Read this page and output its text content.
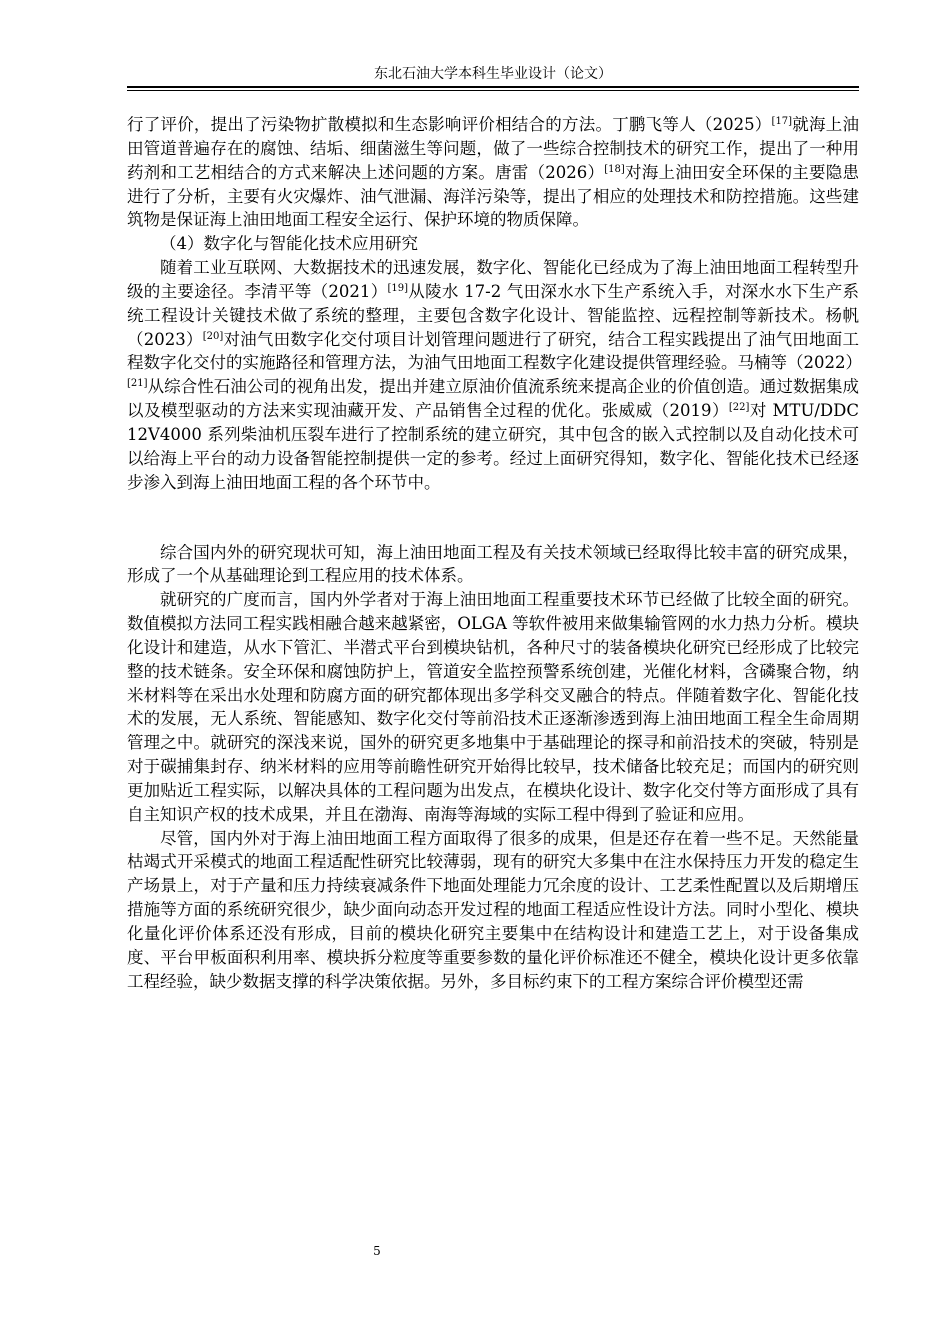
东北石油大学本科生毕业设计（论文）

行了评价，提出了污染物扩散模拟和生态影响评价相结合的方法。丁鹏飞等人（2025）[17]就海上油田管道普遍存在的腐蚀、结垢、细菌滋生等问题，做了一些综合控制技术的研究工作，提出了一种用药剂和工艺相结合的方式来解决上述问题的方案。唐雷（2026）[18]对海上油田安全环保的主要隐患进行了分析，主要有火灾爆炸、油气泄漏、海洋污染等，提出了相应的处理技术和防控措施。这些建筑物是保证海上油田地面工程安全运行、保护环境的物质保障。

（4）数字化与智能化技术应用研究

随着工业互联网、大数据技术的迅速发展，数字化、智能化已经成为了海上油田地面工程转型升级的主要途径。李清平等（2021）[19]从陵水 17-2 气田深水水下生产系统入手，对深水水下生产系统工程设计关键技术做了系统的整理，主要包含数字化设计、智能监控、远程控制等新技术。杨帆（2023）[20]对油气田数字化交付项目计划管理问题进行了研究，结合工程实践提出了油气田地面工程数字化交付的实施路径和管理方法，为油气田地面工程数字化建设提供管理经验。马楠等（2022）[21]从综合性石油公司的视角出发，提出并建立原油价值流系统来提高企业的价值创造。通过数据集成以及模型驱动的方法来实现油藏开发、产品销售全过程的优化。张威威（2019）[22]对 MTU/DDC 12V4000 系列柴油机压裂车进行了控制系统的建立研究，其中包含的嵌入式控制以及自动化技术可以给海上平台的动力设备智能控制提供一定的参考。经过上面研究得知，数字化、智能化技术已经逐步渗入到海上油田地面工程的各个环节中。

综合国内外的研究现状可知，海上油田地面工程及有关技术领域已经取得比较丰富的研究成果，形成了一个从基础理论到工程应用的技术体系。

就研究的广度而言，国内外学者对于海上油田地面工程重要技术环节已经做了比较全面的研究。数值模拟方法同工程实践相融合越来越紧密，OLGA 等软件被用来做集输管网的水力热力分析。模块化设计和建造，从水下管汇、半潜式平台到模块钻机，各种尺寸的装备模块化研究已经形成了比较完整的技术链条。安全环保和腐蚀防护上，管道安全监控预警系统创建，光催化材料，含磷聚合物，纳米材料等在采出水处理和防腐方面的研究都体现出多学科交叉融合的特点。伴随着数字化、智能化技术的发展，无人系统、智能感知、数字化交付等前沿技术正逐渐渗透到海上油田地面工程全生命周期管理之中。就研究的深浅来说，国外的研究更多地集中于基础理论的探寻和前沿技术的突破，特别是对于碳捕集封存、纳米材料的应用等前瞻性研究开始得比较早，技术储备比较充足；而国内的研究则更加贴近工程实际，以解决具体的工程问题为出发点，在模块化设计、数字化交付等方面形成了具有自主知识产权的技术成果，并且在渤海、南海等海域的实际工程中得到了验证和应用。

尽管，国内外对于海上油田地面工程方面取得了很多的成果，但是还存在着一些不足。天然能量枯竭式开采模式的地面工程适配性研究比较薄弱，现有的研究大多集中在注水保持压力开发的稳定生产场景上，对于产量和压力持续衰减条件下地面处理能力冗余度的设计、工艺柔性配置以及后期增压措施等方面的系统研究很少，缺少面向动态开发过程的地面工程适应性设计方法。同时小型化、模块化量化评价体系还没有形成，目前的模块化研究主要集中在结构设计和建造工艺上，对于设备集成度、平台甲板面积利用率、模块拆分粒度等重要参数的量化评价标准还不健全，模块化设计更多依靠工程经验，缺少数据支撑的科学决策依据。另外，多目标约束下的工程方案综合评价模型还需

5
